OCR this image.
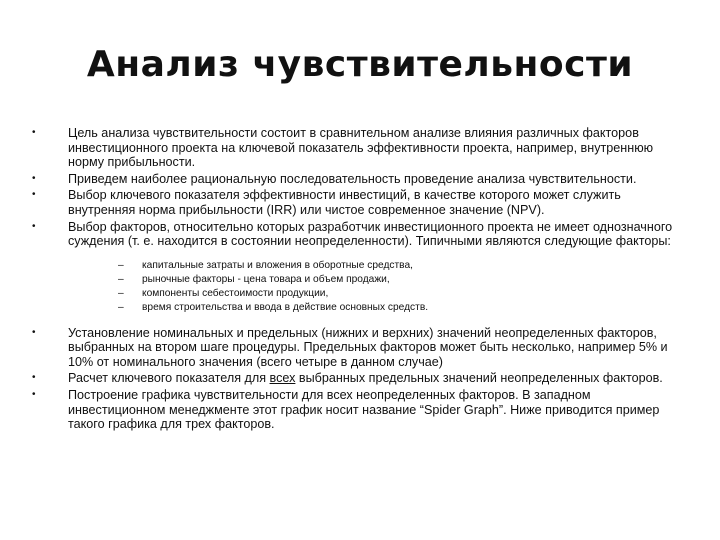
Анализ чувствительности
•	Цель анализа чувствительности состоит в сравнительном анализе влияния различных факторов инвестиционного проекта на ключевой показатель эффективности проекта, например, внутреннюю норму прибыльности.
•	Приведем наиболее рациональную последовательность проведение анализа чувствительности.
•	Выбор ключевого показателя эффективности инвестиций, в качестве которого может служить внутренняя норма прибыльности (IRR) или чистое современное значение (NPV).
•	Выбор факторов, относительно которых разработчик инвестиционного проекта не имеет однозначного суждения (т. е. находится в состоянии неопределенности). Типичными являются следующие факторы:
– капитальные затраты и вложения в оборотные средства,
– рыночные факторы - цена товара и объем продажи,
– компоненты себестоимости продукции,
– время строительства и ввода в действие основных средств.
•	Установление номинальных и предельных (нижних и верхних) значений неопределенных факторов, выбранных на втором шаге процедуры. Предельных факторов может быть несколько, например 5% и 10% от номинального значения (всего четыре в данном случае)
•	Расчет ключевого показателя для всех выбранных предельных значений неопределенных факторов.
•	Построение графика чувствительности для всех неопределенных факторов. В западном инвестиционном менеджменте этот график носит название “Spider Graph”. Ниже приводится пример такого графика для трех факторов.
